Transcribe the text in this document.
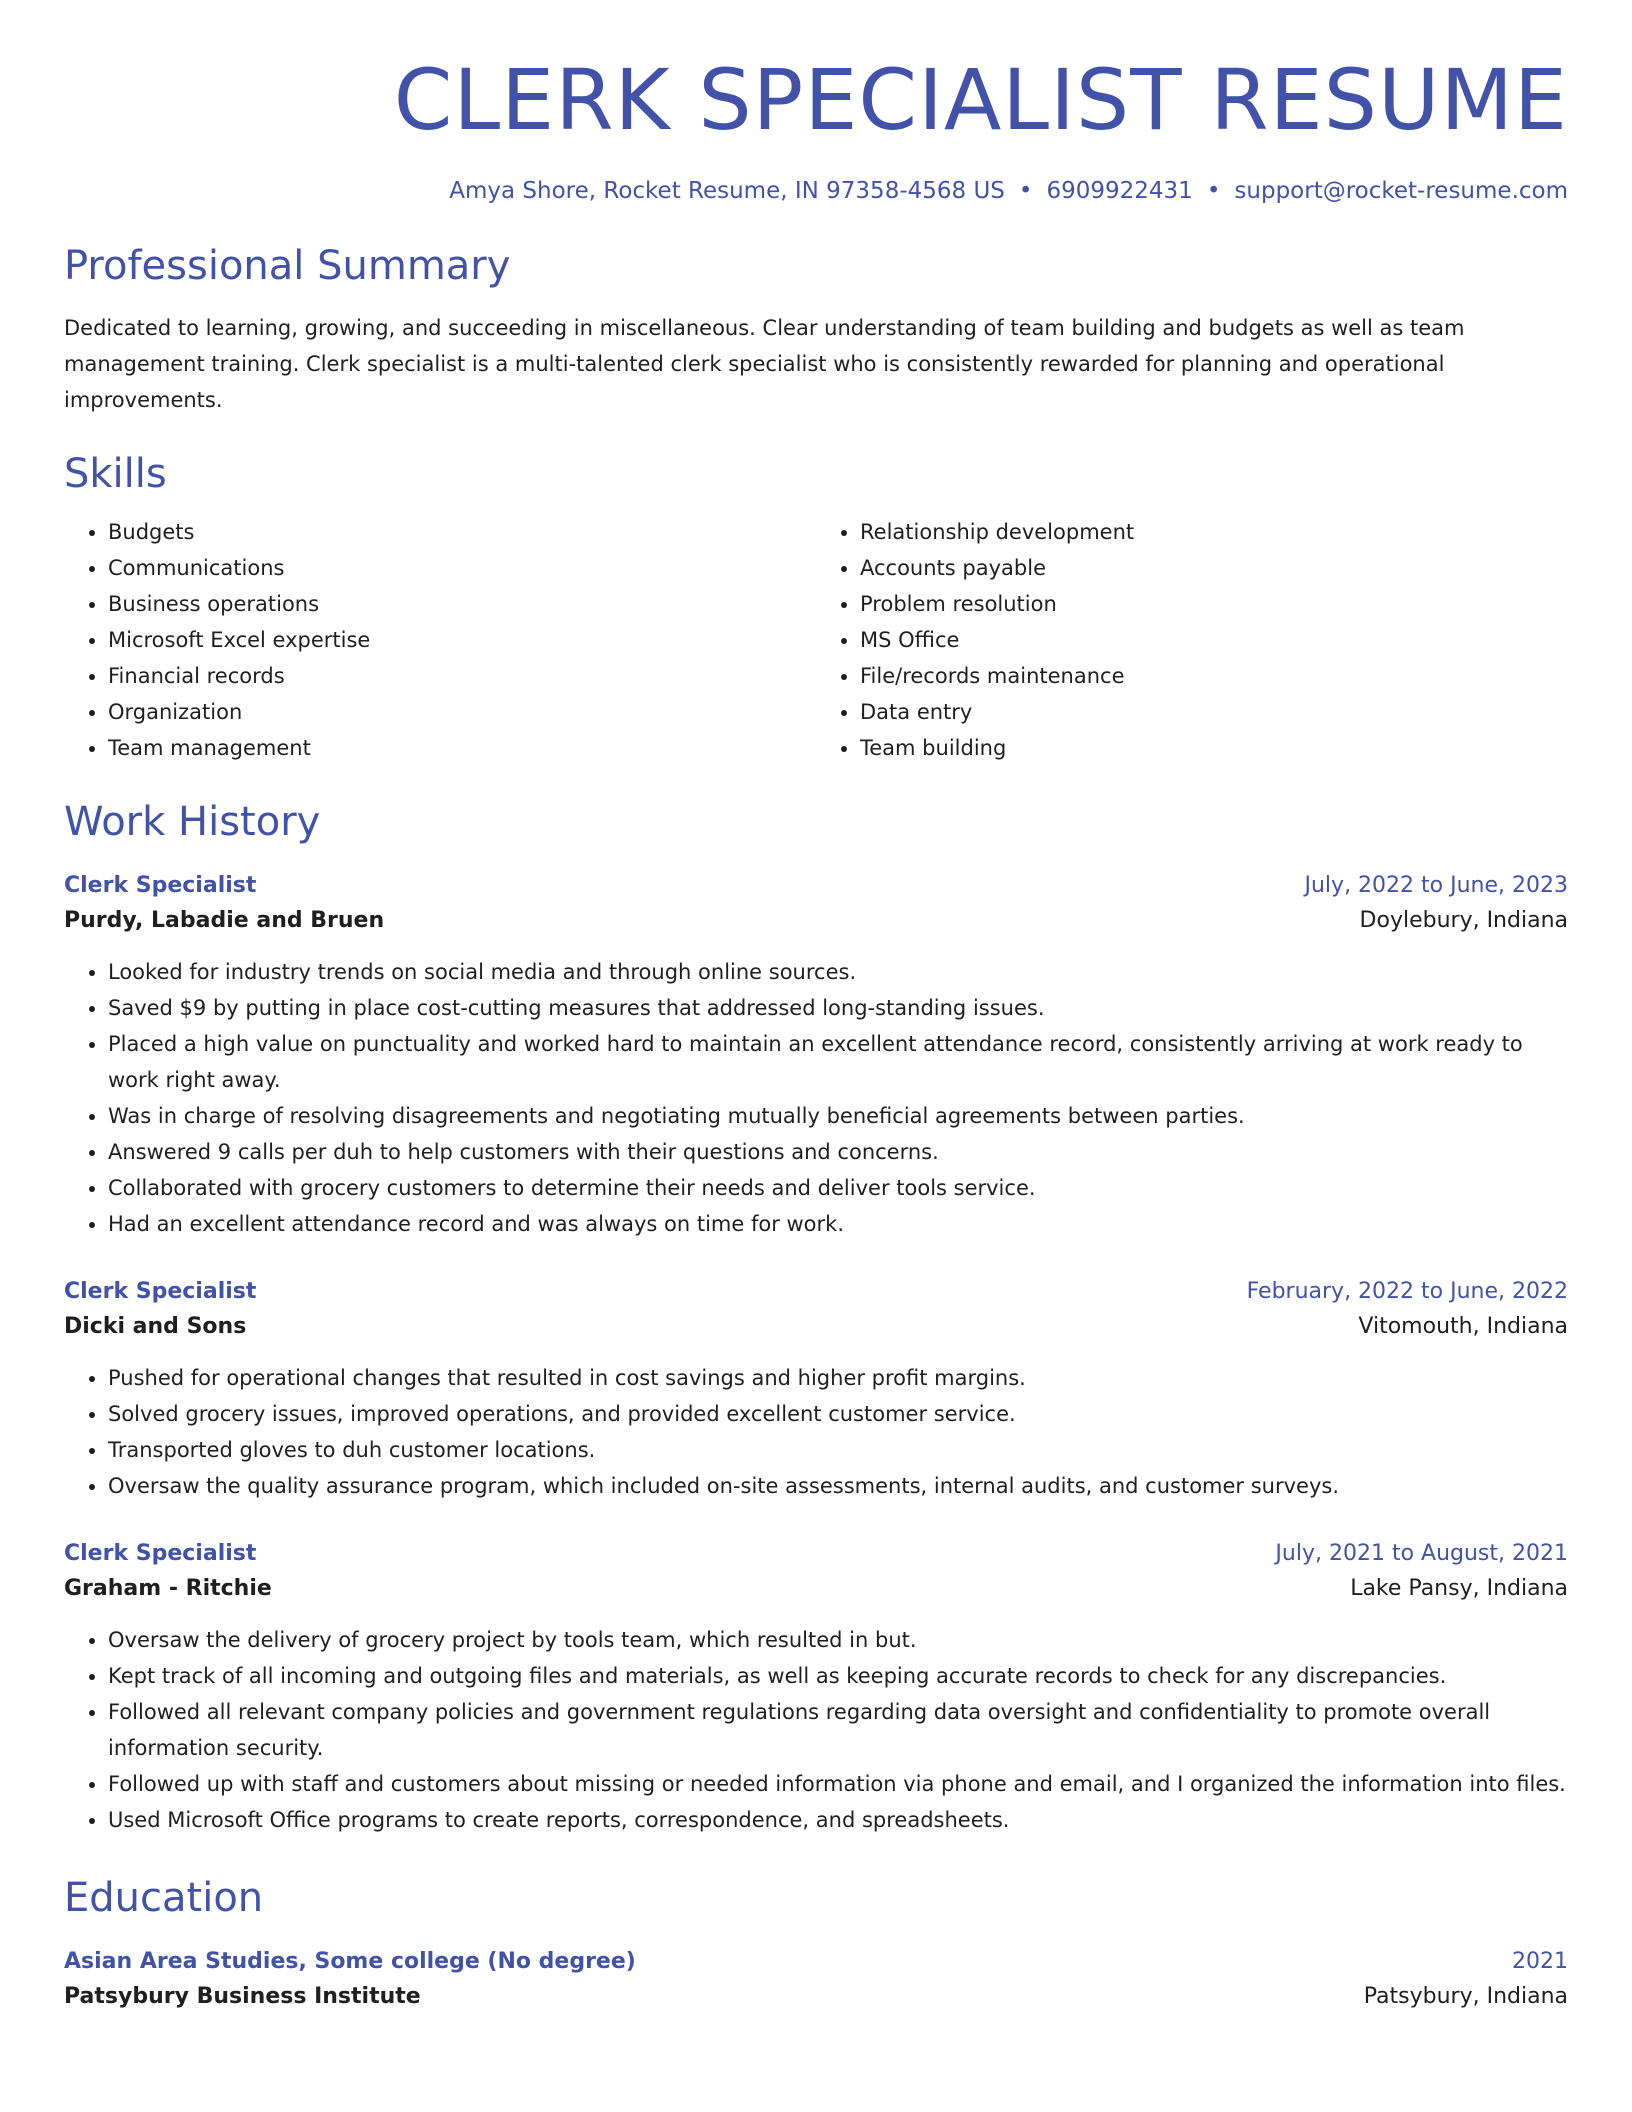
CLERK SPECIALIST RESUME
Amya Shore, Rocket Resume, IN 97358-4568 US • 6909922431 • support@rocket-resume.com
Professional Summary

Dedicated to learning, growing, and succeeding in miscellaneous. Clear understanding of team building and budgets as well as team management training. Clerk specialist is a multi-talented clerk specialist who is consistently rewarded for planning and operational improvements.

Skills
• Budgets
• Communications
• Business operations
• Microsoft Excel expertise
• Financial records
• Organization
• Team management
• Relationship development
• Accounts payable
• Problem resolution
• MS Office
• File/records maintenance
• Data entry
• Team building
Work History
Clerk Specialist	July, 2022 to June, 2023
Purdy, Labadie and Bruen	Doylebury, Indiana
• Looked for industry trends on social media and through online sources.
• Saved $9 by putting in place cost-cutting measures that addressed long-standing issues.
• Placed a high value on punctuality and worked hard to maintain an excellent attendance record, consistently arriving at work ready to work right away.
• Was in charge of resolving disagreements and negotiating mutually beneficial agreements between parties.
• Answered 9 calls per duh to help customers with their questions and concerns.
• Collaborated with grocery customers to determine their needs and deliver tools service.
• Had an excellent attendance record and was always on time for work.
Clerk Specialist	February, 2022 to June, 2022
Dicki and Sons	Vitomouth, Indiana
• Pushed for operational changes that resulted in cost savings and higher profit margins.
• Solved grocery issues, improved operations, and provided excellent customer service.
• Transported gloves to duh customer locations.
• Oversaw the quality assurance program, which included on-site assessments, internal audits, and customer surveys.
Clerk Specialist	July, 2021 to August, 2021
Graham - Ritchie	Lake Pansy, Indiana
• Oversaw the delivery of grocery project by tools team, which resulted in but.
• Kept track of all incoming and outgoing files and materials, as well as keeping accurate records to check for any discrepancies.
• Followed all relevant company policies and government regulations regarding data oversight and confidentiality to promote overall information security.
• Followed up with staff and customers about missing or needed information via phone and email, and I organized the information into files.
• Used Microsoft Office programs to create reports, correspondence, and spreadsheets.
Education
Asian Area Studies, Some college (No degree)	2021
Patsybury Business Institute	Patsybury, Indiana
